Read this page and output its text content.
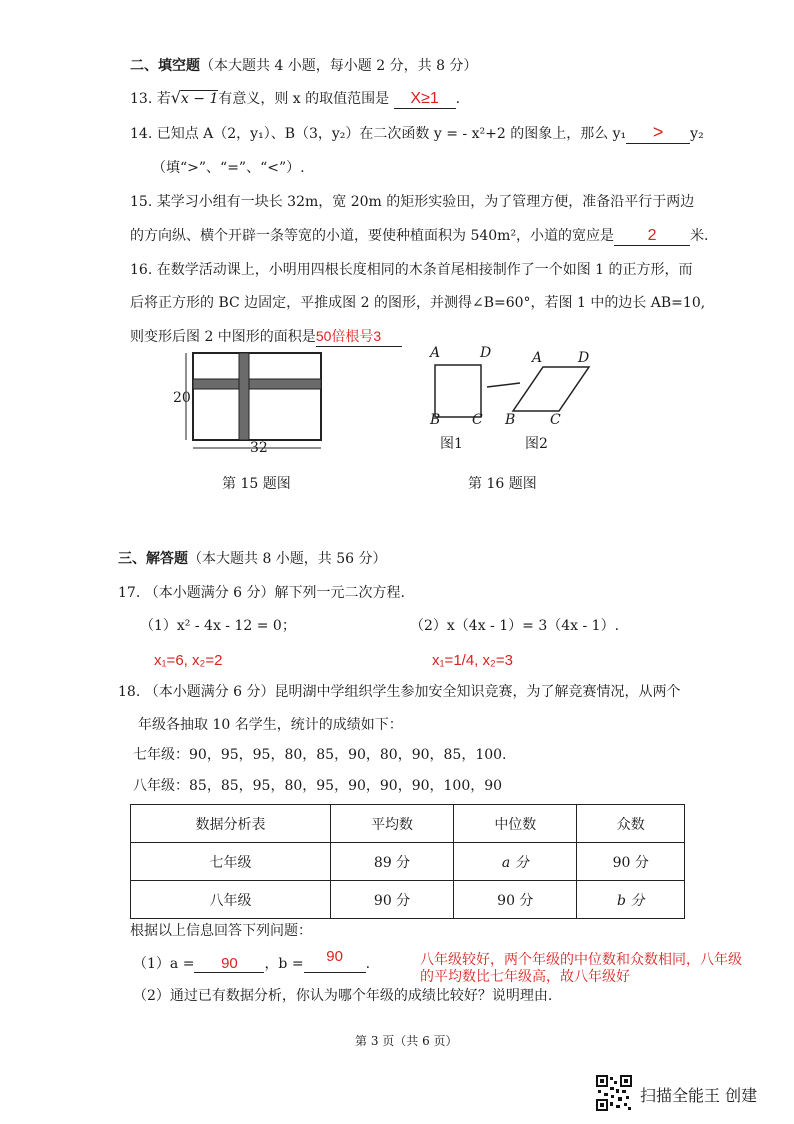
二、填空题（本大题共 4 小题，每小题 2 分，共 8 分）
13. 若√x − 1有意义，则 x 的取值范围是 X≥1 .
14. 已知点 A（2，y₁）、B（3，y₂）在二次函数 y = - x²+2 的图象上，那么 y₁ > y₂
（填“>”、“=”、“<”）.
15. 某学习小组有一块长 32m，宽 20m 的矩形实验田，为了管理方便，准备沿平行于两边
的方向纵、横个开辟一条等宽的小道，要使种植面积为 540m²，小道的宽应是 2 米.
16. 在数学活动课上，小明用四根长度相同的木条首尾相接制作了一个如图 1 的正方形，而
后将正方形的 BC 边固定，平推成图 2 的图形，并测得∠B=60°，若图 1 中的边长 AB=10,
则变形后图 2 中图形的面积是50倍根号3
20
32
第 15 题图
A	D
B C
图1
A	D
B C
图2
第 16 题图
三、解答题（本大题共 8 小题，共 56 分）
17. （本小题满分 6 分）解下列一元二次方程.
（1）x² - 4x - 12 = 0；	（2）x（4x - 1）= 3（4x - 1）.
x₁=6, x₂=2	x₁=1/4, x₂=3
18. （本小题满分 6 分）昆明湖中学组织学生参加安全知识竞赛，为了解竞赛情况，从两个
年级各抽取 10 名学生，统计的成绩如下：
七年级：90，95，95，80，85，90，80，90，85，100.
八年级：85，85，95，80，95，90，90，90，100，90
数据分析表	平均数	中位数	众数
七年级	89 分	a 分	90 分
八年级	90 分	90 分	b 分
根据以上信息回答下列问题：
（1）a = 90 ，b = 90 .	八年级较好，两个年级的中位数和众数相同，八年级
的平均数比七年级高，故八年级好
（2）通过已有数据分析，你认为哪个年级的成绩比较好？说明理由.
第 3 页（共 6 页）
扫描全能王 创建
